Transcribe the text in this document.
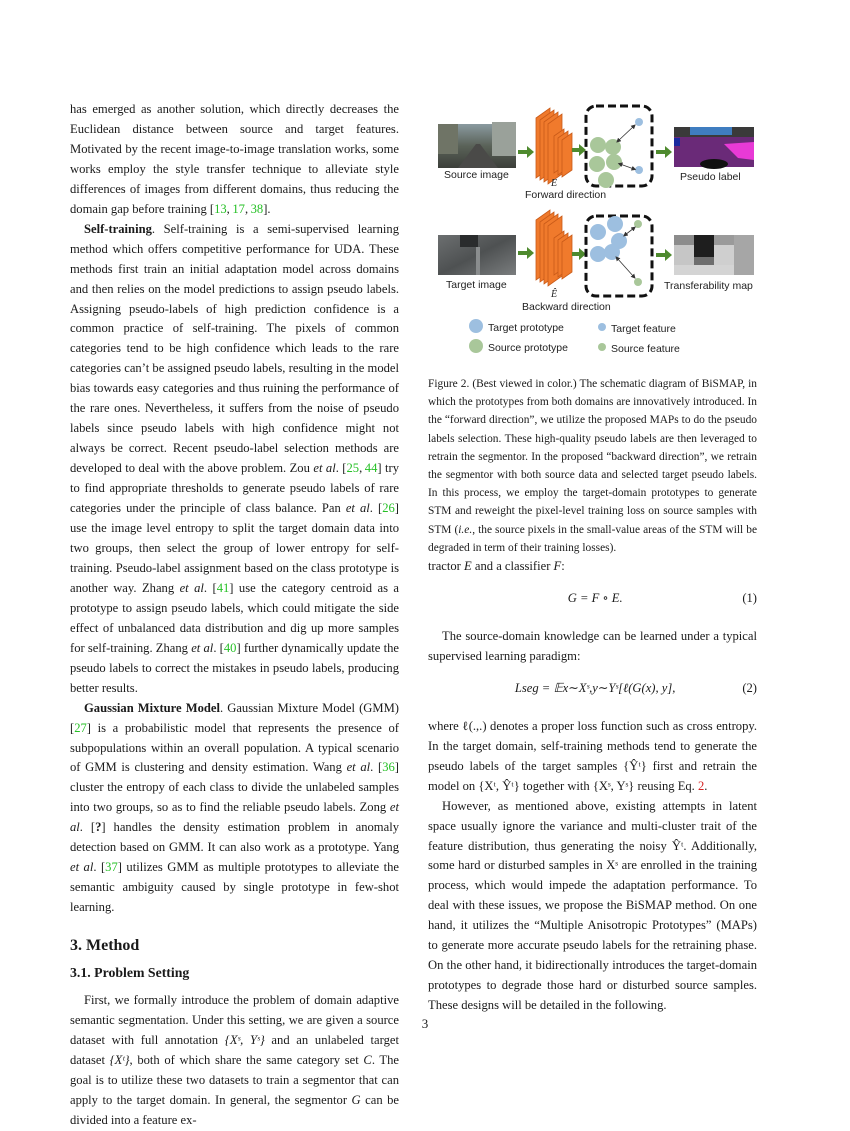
has emerged as another solution, which directly decreases the Euclidean distance between source and target features. Motivated by the recent image-to-image translation works, some works employ the style transfer technique to alleviate style differences of images from different domains, thus reducing the domain gap before training [13, 17, 38].

Self-training. Self-training is a semi-supervised learning method which offers competitive performance for UDA. These methods first train an initial adaptation model across domains and then relies on the model predictions to assign pseudo labels. Assigning pseudo-labels of high prediction confidence is a common practice of self-training. The pixels of common categories tend to be high confidence which leads to the rare categories can’t be assigned pseudo labels, resulting in the model bias towards easy categories and thus ruining the performance of the rare ones. Nevertheless, it suffers from the noise of pseudo labels since pseudo labels with high confidence might not always be correct. Recent pseudo-label selection methods are developed to deal with the above problem. Zou et al. [25, 44] try to find appropriate thresholds to generate pseudo labels of rare categories under the principle of class balance. Pan et al. [26] use the image level entropy to split the target domain data into two groups, then select the group of lower entropy for self-training. Pseudo-label assignment based on the class prototype is another way. Zhang et al. [41] use the category centroid as a prototype to assign pseudo labels, which could mitigate the side effect of unbalanced data distribution and dig up more samples for self-training. Zhang et al. [40] further dynamically update the pseudo labels to correct the mistakes in pseudo labels, producing better results.

Gaussian Mixture Model. Gaussian Mixture Model (GMM) [27] is a probabilistic model that represents the presence of subpopulations within an overall population. A typical scenario of GMM is clustering and density estimation. Wang et al. [36] cluster the entropy of each class to divide the unlabeled samples into two groups, so as to find the reliable pseudo labels. Zong et al. [?] handles the density estimation problem in anomaly detection based on GMM. It can also work as a prototype. Yang et al. [37] utilizes GMM as multiple prototypes to alleviate the semantic ambiguity caused by single prototype in few-shot learning.

3. Method
3.1. Problem Setting

First, we formally introduce the problem of domain adaptive semantic segmentation. Under this setting, we are given a source dataset with full annotation {Xˢ, Yˢ} and an unlabeled target dataset {Xᵗ}, both of which share the same category set C. The goal is to utilize these two datasets to train a segmentor that can apply to the target domain. In general, the segmentor G can be divided into a feature ex-

Source image
E
Forward direction
Pseudo label
Target image
Ê
Backward direction
Transferability map
Target prototype	Target feature
Source prototype	Source feature

Figure 2. (Best viewed in color.) The schematic diagram of BiSMAP, in which the prototypes from both domains are innovatively introduced. In the “forward direction”, we utilize the proposed MAPs to do the pseudo labels selection. These high-quality pseudo labels are then leveraged to retrain the segmentor. In the proposed “backward direction”, we retrain the segmentor with both source data and selected target pseudo labels. In this process, we employ the target-domain prototypes to generate STM and reweight the pixel-level training loss on source samples with STM (i.e., the source pixels in the small-value areas of the STM will be degraded in term of their training losses).

tractor E and a classifier F:

G = F ∘ E.	(1)

The source-domain knowledge can be learned under a typical supervised learning paradigm:

Lseg = 𝔼x∼Xˢ,y∼Yˢ[ℓ(G(x), y],	(2)

where ℓ(.,.) denotes a proper loss function such as cross entropy. In the target domain, self-training methods tend to generate the pseudo labels of the target samples {Ŷᵗ} first and retrain the model on {Xᵗ, Ŷᵗ} together with {Xˢ, Yˢ} reusing Eq. 2.

However, as mentioned above, existing attempts in latent space usually ignore the variance and multi-cluster trait of the feature distribution, thus generating the noisy Ŷᵗ. Additionally, some hard or disturbed samples in Xˢ are enrolled in the training process, which would impede the adaptation performance. To deal with these issues, we propose the BiSMAP method. On one hand, it utilizes the “Multiple Anisotropic Prototypes” (MAPs) to generate more accurate pseudo labels for the retraining phase. On the other hand, it bidirectionally introduces the target-domain prototypes to degrade those hard or disturbed source samples. These designs will be detailed in the following.

3
